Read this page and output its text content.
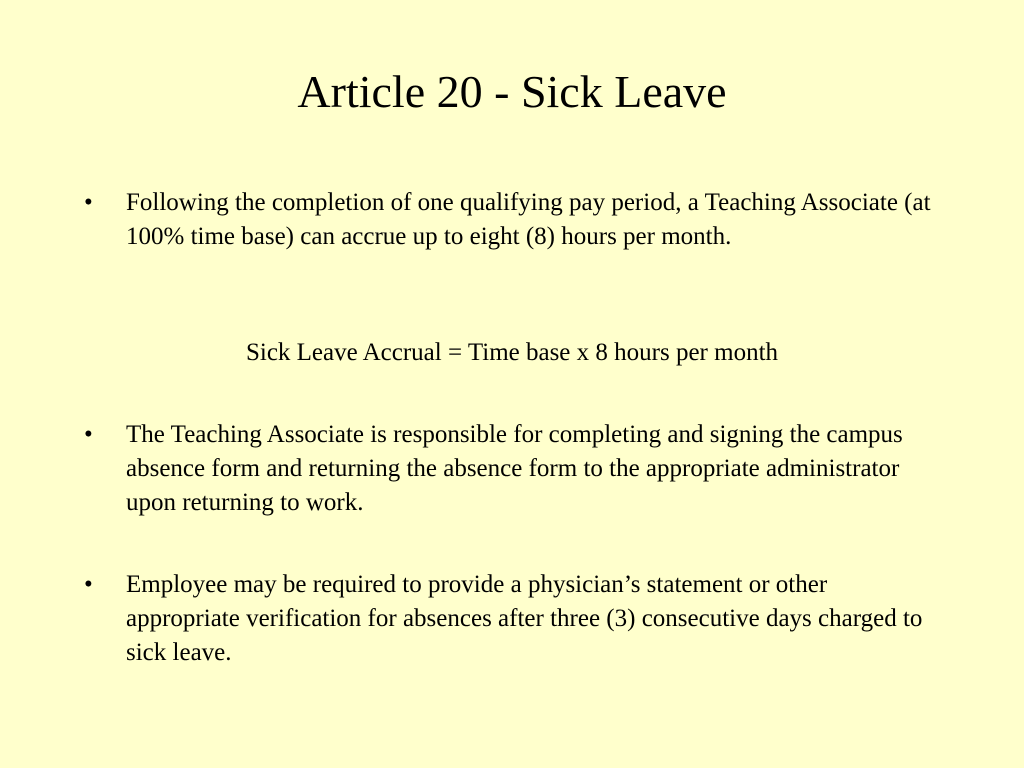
Article 20 - Sick Leave
•	Following the completion of one qualifying pay period, a Teaching Associate (at 100% time base) can accrue up to eight (8) hours per month.

Sick Leave Accrual = Time base x 8 hours per month

•	The Teaching Associate is responsible for completing and signing the campus absence form and returning the absence form to the appropriate administrator upon returning to work.

•	Employee may be required to provide a physician’s statement or other appropriate verification for absences after three (3) consecutive days charged to sick leave.
